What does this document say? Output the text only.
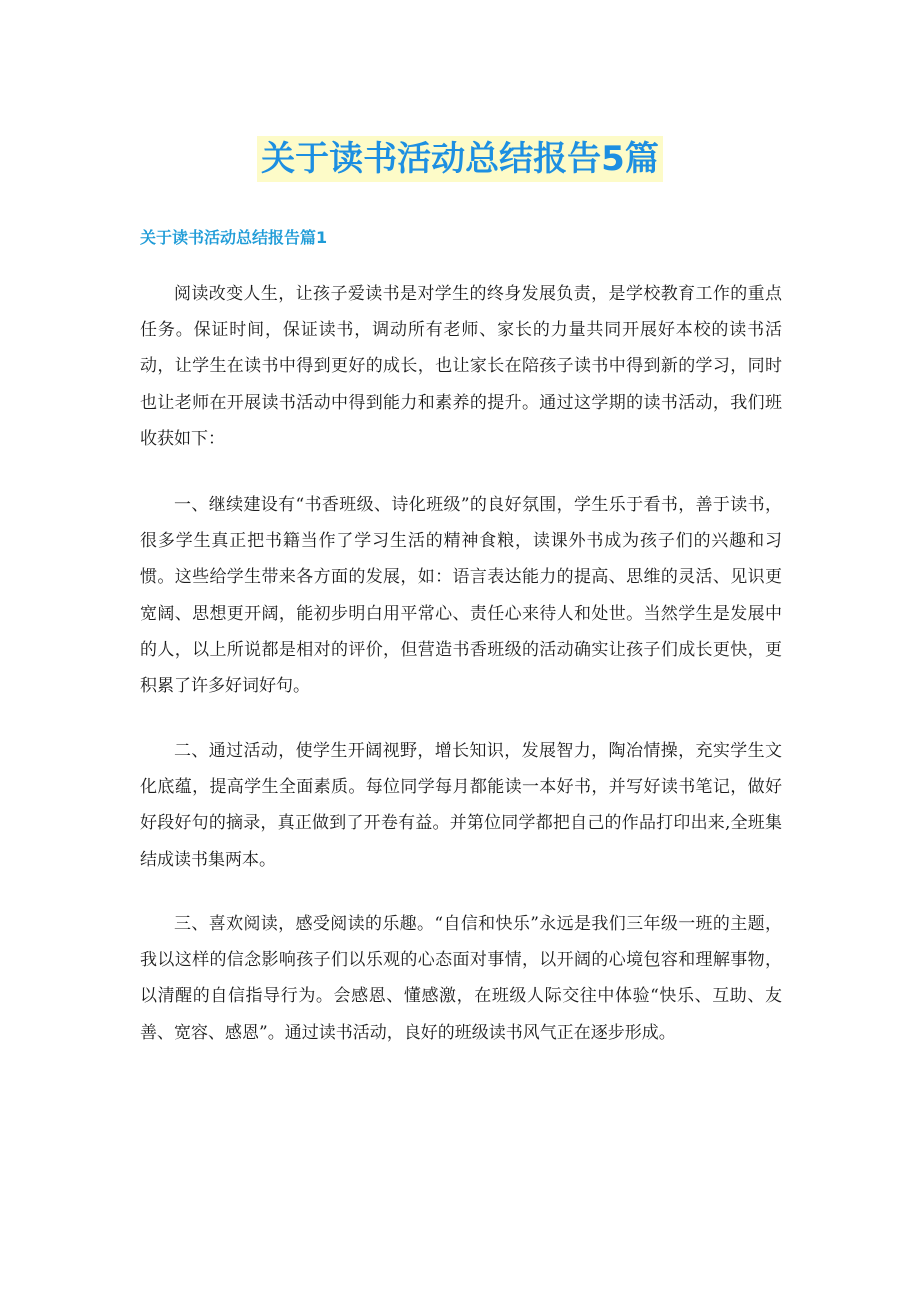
关于读书活动总结报告5篇
关于读书活动总结报告篇1

阅读改变人生，让孩子爱读书是对学生的终身发展负责，是学校教育工作的重点任务。保证时间，保证读书，调动所有老师、家长的力量共同开展好本校的读书活动，让学生在读书中得到更好的成长，也让家长在陪孩子读书中得到新的学习，同时也让老师在开展读书活动中得到能力和素养的提升。通过这学期的读书活动，我们班收获如下：

一、继续建设有“书香班级、诗化班级”的良好氛围，学生乐于看书，善于读书，很多学生真正把书籍当作了学习生活的精神食粮，读课外书成为孩子们的兴趣和习惯。这些给学生带来各方面的发展，如：语言表达能力的提高、思维的灵活、见识更宽阔、思想更开阔，能初步明白用平常心、责任心来待人和处世。当然学生是发展中的人，以上所说都是相对的评价，但营造书香班级的活动确实让孩子们成长更快，更积累了许多好词好句。

二、通过活动，使学生开阔视野，增长知识，发展智力，陶冶情操，充实学生文化底蕴，提高学生全面素质。每位同学每月都能读一本好书，并写好读书笔记，做好好段好句的摘录，真正做到了开卷有益。并第位同学都把自己的作品打印出来,全班集结成读书集两本。

三、喜欢阅读，感受阅读的乐趣。“自信和快乐”永远是我们三年级一班的主题，我以这样的信念影响孩子们以乐观的心态面对事情，以开阔的心境包容和理解事物，以清醒的自信指导行为。会感恩、懂感激，在班级人际交往中体验“快乐、互助、友善、宽容、感恩”。通过读书活动，良好的班级读书风气正在逐步形成。
